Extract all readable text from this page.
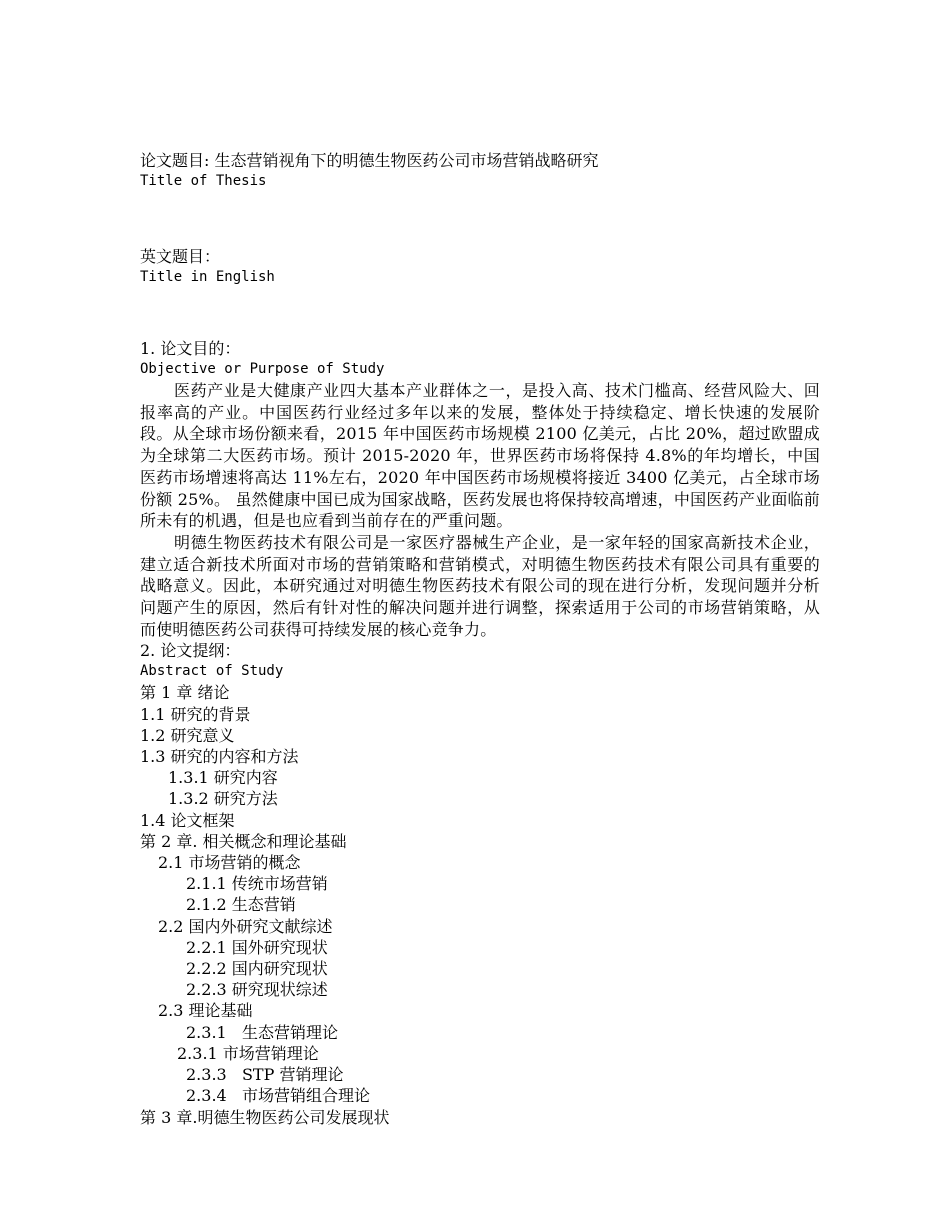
论文题目: 生态营销视角下的明德生物医药公司市场营销战略研究
Title of Thesis
英文题目：
Title in English
1. 论文目的：
Objective or Purpose of Study
医药产业是大健康产业四大基本产业群体之一，是投入高、技术门槛高、经营风险大、回报率高的产业。中国医药行业经过多年以来的发展，整体处于持续稳定、增长快速的发展阶段。从全球市场份额来看，2015 年中国医药市场规模 2100 亿美元，占比 20%，超过欧盟成为全球第二大医药市场。预计 2015-2020 年，世界医药市场将保持 4.8%的年均增长，中国医药市场增速将高达 11%左右，2020 年中国医药市场规模将接近 3400 亿美元，占全球市场份额 25%。 虽然健康中国已成为国家战略，医药发展也将保持较高增速，中国医药产业面临前所未有的机遇，但是也应看到当前存在的严重问题。
明德生物医药技术有限公司是一家医疗器械生产企业，是一家年轻的国家高新技术企业，建立适合新技术所面对市场的营销策略和营销模式，对明德生物医药技术有限公司具有重要的战略意义。因此，本研究通过对明德生物医药技术有限公司的现在进行分析，发现问题并分析问题产生的原因，然后有针对性的解决问题并进行调整，探索适用于公司的市场营销策略，从而使明德医药公司获得可持续发展的核心竞争力。
2. 论文提纲：
Abstract of Study
第 1 章 绪论
1.1 研究的背景
1.2 研究意义
1.3 研究的内容和方法
1.3.1 研究内容
1.3.2 研究方法
1.4 论文框架
第 2 章. 相关概念和理论基础
2.1 市场营销的概念
2.1.1 传统市场营销
2.1.2 生态营销
2.2 国内外研究文献综述
2.2.1 国外研究现状
2.2.2 国内研究现状
2.2.3 研究现状综述
2.3 理论基础
2.3.1   生态营销理论
2.3.1 市场营销理论
2.3.3   STP 营销理论
2.3.4   市场营销组合理论
第 3 章.明德生物医药公司发展现状
